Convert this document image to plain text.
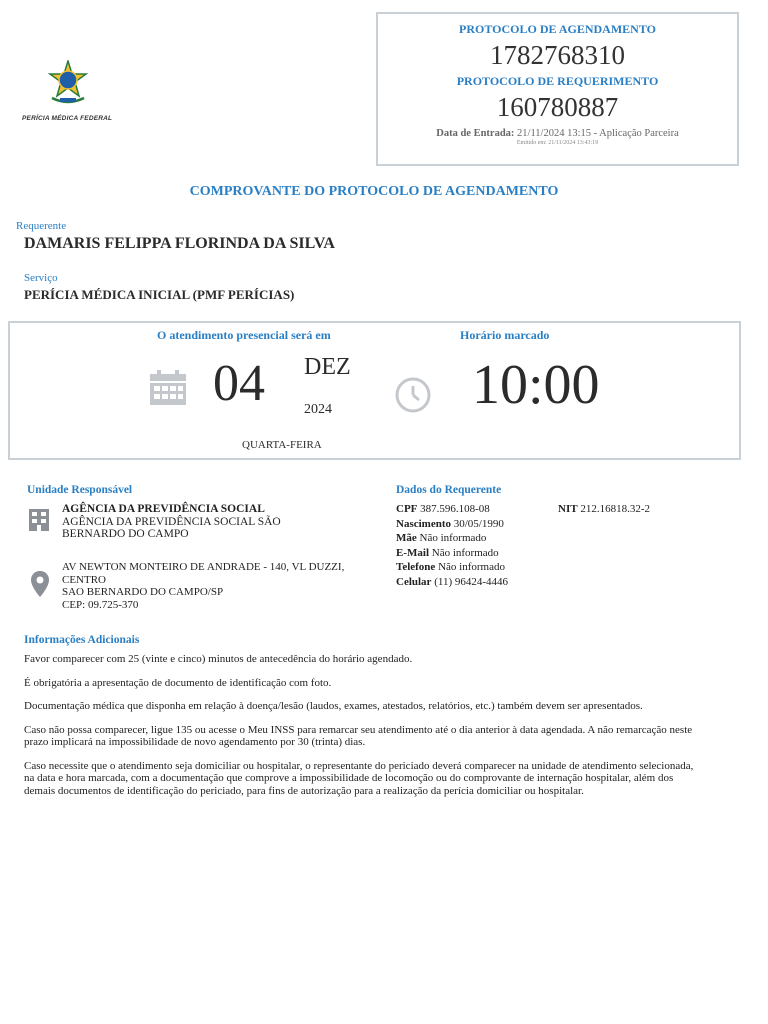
PERÍCIA MÉDICA FEDERAL
PROTOCOLO DE AGENDAMENTO
1782768310
PROTOCOLO DE REQUERIMENTO
160780887
Data de Entrada: 21/11/2024 13:15 - Aplicação Parceira
Emitido em: 21/11/2024 13:43:19
COMPROVANTE DO PROTOCOLO DE AGENDAMENTO
Requerente
DAMARIS FELIPPA FLORINDA DA SILVA
Serviço
PERÍCIA MÉDICA INICIAL (PMF PERÍCIAS)
O atendimento presencial será em	Horário marcado
04 DEZ
2024	10:00
QUARTA-FEIRA
Unidade Responsável
AGÊNCIA DA PREVIDÊNCIA SOCIAL
AGÊNCIA DA PREVIDÊNCIA SOCIAL SÃO BERNARDO DO CAMPO
AV NEWTON MONTEIRO DE ANDRADE - 140, VL DUZZI, CENTRO
SAO BERNARDO DO CAMPO/SP
CEP: 09.725-370
Dados do Requerente
CPF 387.596.108-08
Nascimento 30/05/1990
Mãe Não informado
E-Mail Não informado
Telefone Não informado
Celular (11) 96424-4446
NIT 212.16818.32-2
Informações Adicionais

Favor comparecer com 25 (vinte e cinco) minutos de antecedência do horário agendado.

É obrigatória a apresentação de documento de identificação com foto.

Documentação médica que disponha em relação à doença/lesão (laudos, exames, atestados, relatórios, etc.) também devem ser apresentados.

Caso não possa comparecer, ligue 135 ou acesse o Meu INSS para remarcar seu atendimento até o dia anterior à data agendada. A não remarcação neste prazo implicará na impossibilidade de novo agendamento por 30 (trinta) dias.

Caso necessite que o atendimento seja domiciliar ou hospitalar, o representante do periciado deverá comparecer na unidade de atendimento selecionada, na data e hora marcada, com a documentação que comprove a impossibilidade de locomoção ou do comprovante de internação hospitalar, além dos demais documentos de identificação do periciado, para fins de autorização para a realização da perícia domiciliar ou hospitalar.
